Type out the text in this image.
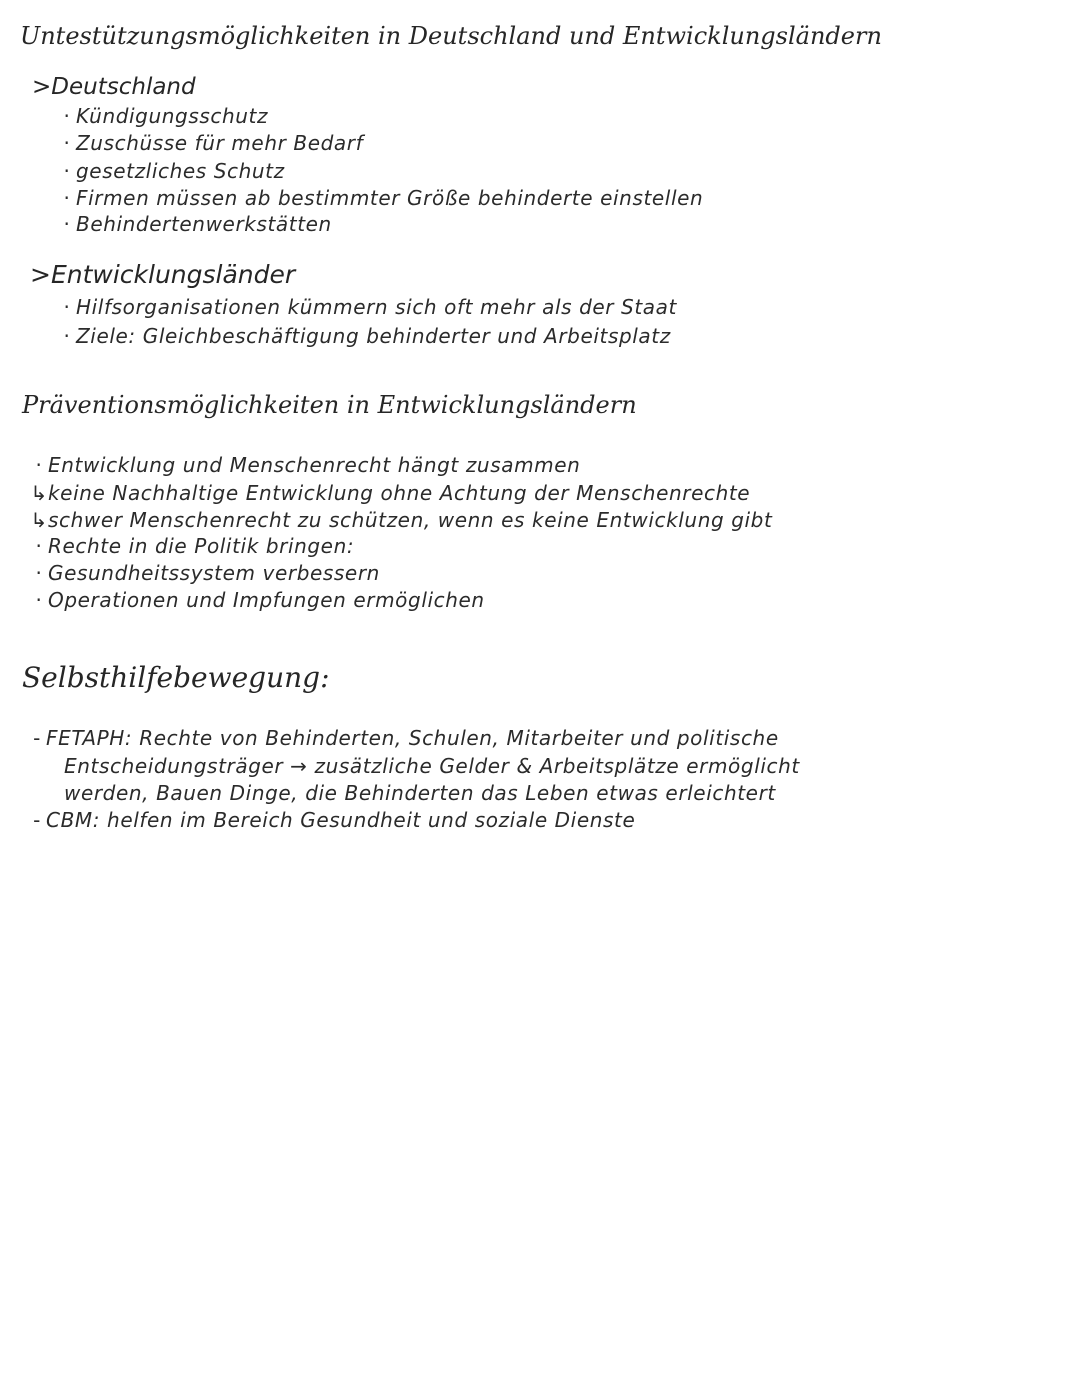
Untestützungsmöglichkeiten in Deutschland und Entwicklungsländern
>Deutschland
· Kündigungsschutz
· Zuschüsse für mehr Bedarf
· gesetzliches Schutz
· Firmen müssen ab bestimmter Größe behinderte einstellen
· Behindertenwerkstätten
>Entwicklungsländer
· Hilfsorganisationen kümmern sich oft mehr als der Staat
· Ziele: Gleichbeschäftigung behinderter und Arbeitsplatz
Präventionsmöglichkeiten in Entwicklungsländern
· Entwicklung und Menschenrecht hängt zusammen
↳keine Nachhaltige Entwicklung ohne Achtung der Menschenrechte
↳schwer Menschenrecht zu schützen, wenn es keine Entwicklung gibt
· Rechte in die Politik bringen:
· Gesundheitssystem verbessern
· Operationen und Impfungen ermöglichen
Selbsthilfebewegung:
- FETAPH: Rechte von Behinderten, Schulen, Mitarbeiter und politische
Entscheidungsträger → zusätzliche Gelder & Arbeitsplätze ermöglicht
werden, Bauen Dinge, die Behinderten das Leben etwas erleichtert
- CBM: helfen im Bereich Gesundheit und soziale Dienste
